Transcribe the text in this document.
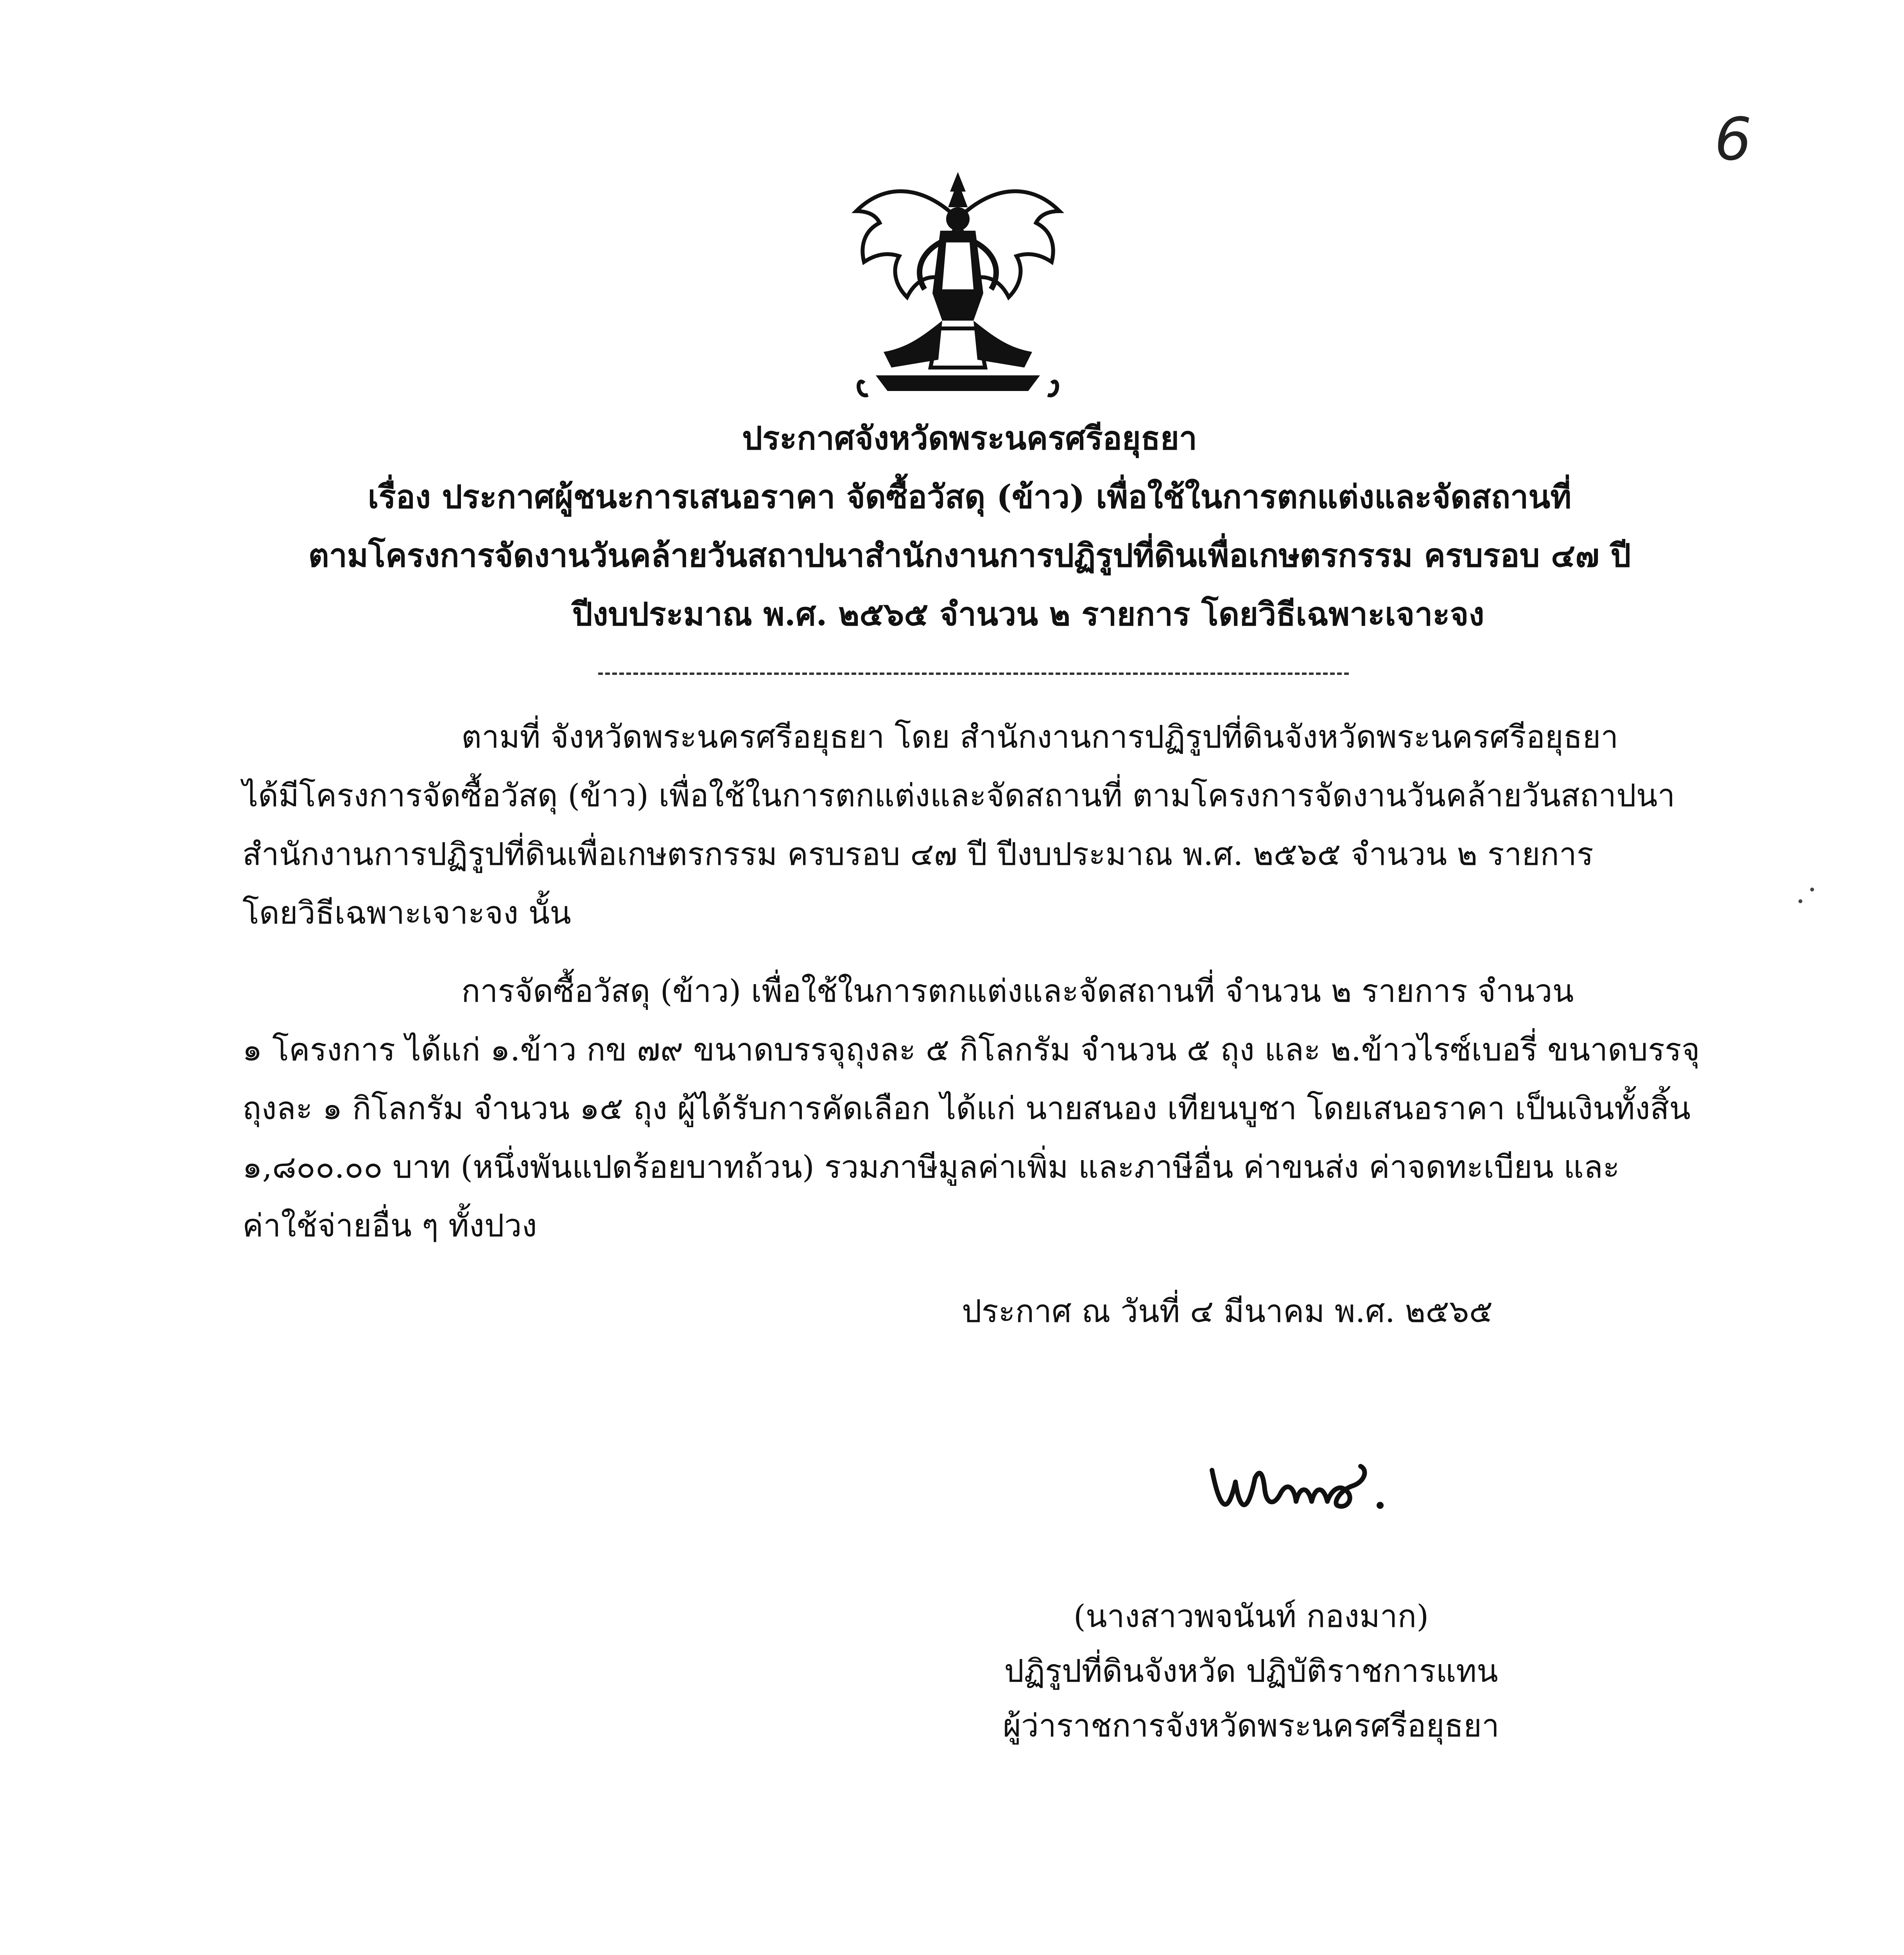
6
ประกาศจังหวัดพระนครศรีอยุธยา
เรื่อง ประกาศผู้ชนะการเสนอราคา จัดซื้อวัสดุ (ข้าว) เพื่อใช้ในการตกแต่งและจัดสถานที่
ตามโครงการจัดงานวันคล้ายวันสถาปนาสำนักงานการปฏิรูปที่ดินเพื่อเกษตรกรรม ครบรอบ ๔๗ ปี
ปีงบประมาณ พ.ศ. ๒๕๖๕ จำนวน ๒ รายการ โดยวิธีเฉพาะเจาะจง
ตามที่ จังหวัดพระนครศรีอยุธยา โดย สำนักงานการปฏิรูปที่ดินจังหวัดพระนครศรีอยุธยา
ได้มีโครงการจัดซื้อวัสดุ (ข้าว) เพื่อใช้ในการตกแต่งและจัดสถานที่ ตามโครงการจัดงานวันคล้ายวันสถาปนา
สำนักงานการปฏิรูปที่ดินเพื่อเกษตรกรรม ครบรอบ ๔๗ ปี ปีงบประมาณ พ.ศ. ๒๕๖๕ จำนวน ๒ รายการ
โดยวิธีเฉพาะเจาะจง นั้น
การจัดซื้อวัสดุ (ข้าว) เพื่อใช้ในการตกแต่งและจัดสถานที่ จำนวน ๒ รายการ จำนวน
๑ โครงการ ได้แก่ ๑.ข้าว กข ๗๙ ขนาดบรรจุถุงละ ๕ กิโลกรัม จำนวน ๕ ถุง และ ๒.ข้าวไรซ์เบอรี่ ขนาดบรรจุ
ถุงละ ๑ กิโลกรัม จำนวน ๑๕ ถุง ผู้ได้รับการคัดเลือก ได้แก่ นายสนอง เทียนบูชา โดยเสนอราคา เป็นเงินทั้งสิ้น
๑,๘๐๐.๐๐ บาท (หนึ่งพันแปดร้อยบาทถ้วน) รวมภาษีมูลค่าเพิ่ม และภาษีอื่น ค่าขนส่ง ค่าจดทะเบียน และ
ค่าใช้จ่ายอื่น ๆ ทั้งปวง
ประกาศ ณ วันที่ ๔ มีนาคม พ.ศ. ๒๕๖๕
(นางสาวพจนันท์ กองมาก)
ปฏิรูปที่ดินจังหวัด ปฏิบัติราชการแทน
ผู้ว่าราชการจังหวัดพระนครศรีอยุธยา
